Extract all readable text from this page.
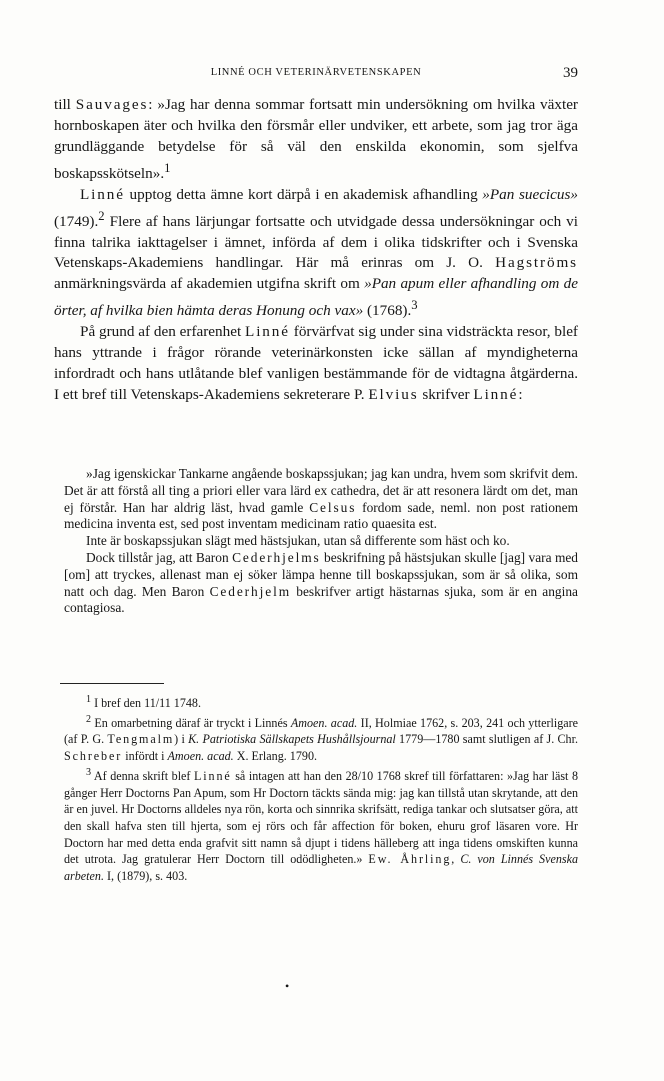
LINNÉ OCH VETERINÄRVETENSKAPEN	39

till Sauvages: »Jag har denna sommar fortsatt min undersökning om hvilka växter hornboskapen äter och hvilka den försmår eller undviker, ett arbete, som jag tror äga grundläggande betydelse för så väl den enskilda ekonomin, som sjelfva boskapsskötseln».$^1$

Linné upptog detta ämne kort därpå i en akademisk afhandling »Pan suecicus» (1749).$^2$ Flere af hans lärjungar fortsatte och utvidgade dessa undersökningar och vi finna talrika iakttagelser i ämnet, införda af dem i olika tidskrifter och i Svenska Vetenskaps-Akademiens handlingar. Här må erinras om J. O. Hagströms anmärkningsvärda af akademien utgifna skrift om »Pan apum eller afhandling om de örter, af hvilka bien hämta deras Honung och vax» (1768).$^3$

På grund af den erfarenhet Linné förvärfvat sig under sina vidsträckta resor, blef hans yttrande i frågor rörande veterinärkonsten icke sällan af myndigheterna infordradt och hans utlåtande blef vanligen bestämmande för de vidtagna åtgärderna. I ett bref till Vetenskaps-Akademiens sekreterare P. Elvius skrifver Linné:

»Jag igenskickar Tankarne angående boskapssjukan; jag kan undra, hvem som skrifvit dem. Det är att förstå all ting a priori eller vara lärd ex cathedra, det är att resonera lärdt om det, man ej förstår. Han har aldrig läst, hvad gamle Celsus fordom sade, neml. non post rationem medicina inventa est, sed post inventam medicinam ratio quaesita est.

Inte är boskapssjukan slägt med hästsjukan, utan så differente som häst och ko.

Dock tillstår jag, att Baron Cederhjelms beskrifning på hästsjukan skulle [jag] vara med [om] att tryckes, allenast man ej söker lämpa henne till boskapssjukan, som är så olika, som natt och dag. Men Baron Cederhjelm beskrifver artigt hästarnas sjuka, som är en angina contagiosa.

$^1$ I bref den 11/11 1748.

$^2$ En omarbetning däraf är tryckt i Linnés Amoen. acad. II, Holmiae 1762, s. 203, 241 och ytterligare (af P. G. Tengmalm) i K. Patriotiska Sällskapets Hushållsjournal 1779—1780 samt slutligen af J. Chr. Schreber infördt i Amoen. acad. X. Erlang. 1790.

$^3$ Af denna skrift blef Linné så intagen att han den 28/10 1768 skref till författaren: »Jag har läst 8 gånger Herr Doctorns Pan Apum, som Hr Doctorn täckts sända mig: jag kan tillstå utan skrytande, att den är en juvel. Hr Doctorns alldeles nya rön, korta och sinnrika skrifsätt, rediga tankar och slutsatser göra, att den skall hafva sten till hjerta, som ej rörs och får affection för boken, ehuru grof läsaren vore. Hr Doctorn har med detta enda grafvit sitt namn så djupt i tidens hälleberg att inga tidens omskiften kunna det utrota. Jag gratulerar Herr Doctorn till odödligheten.» Ew. Åhrling, C. von Linnés Svenska arbeten. I, (1879), s. 403.

•
